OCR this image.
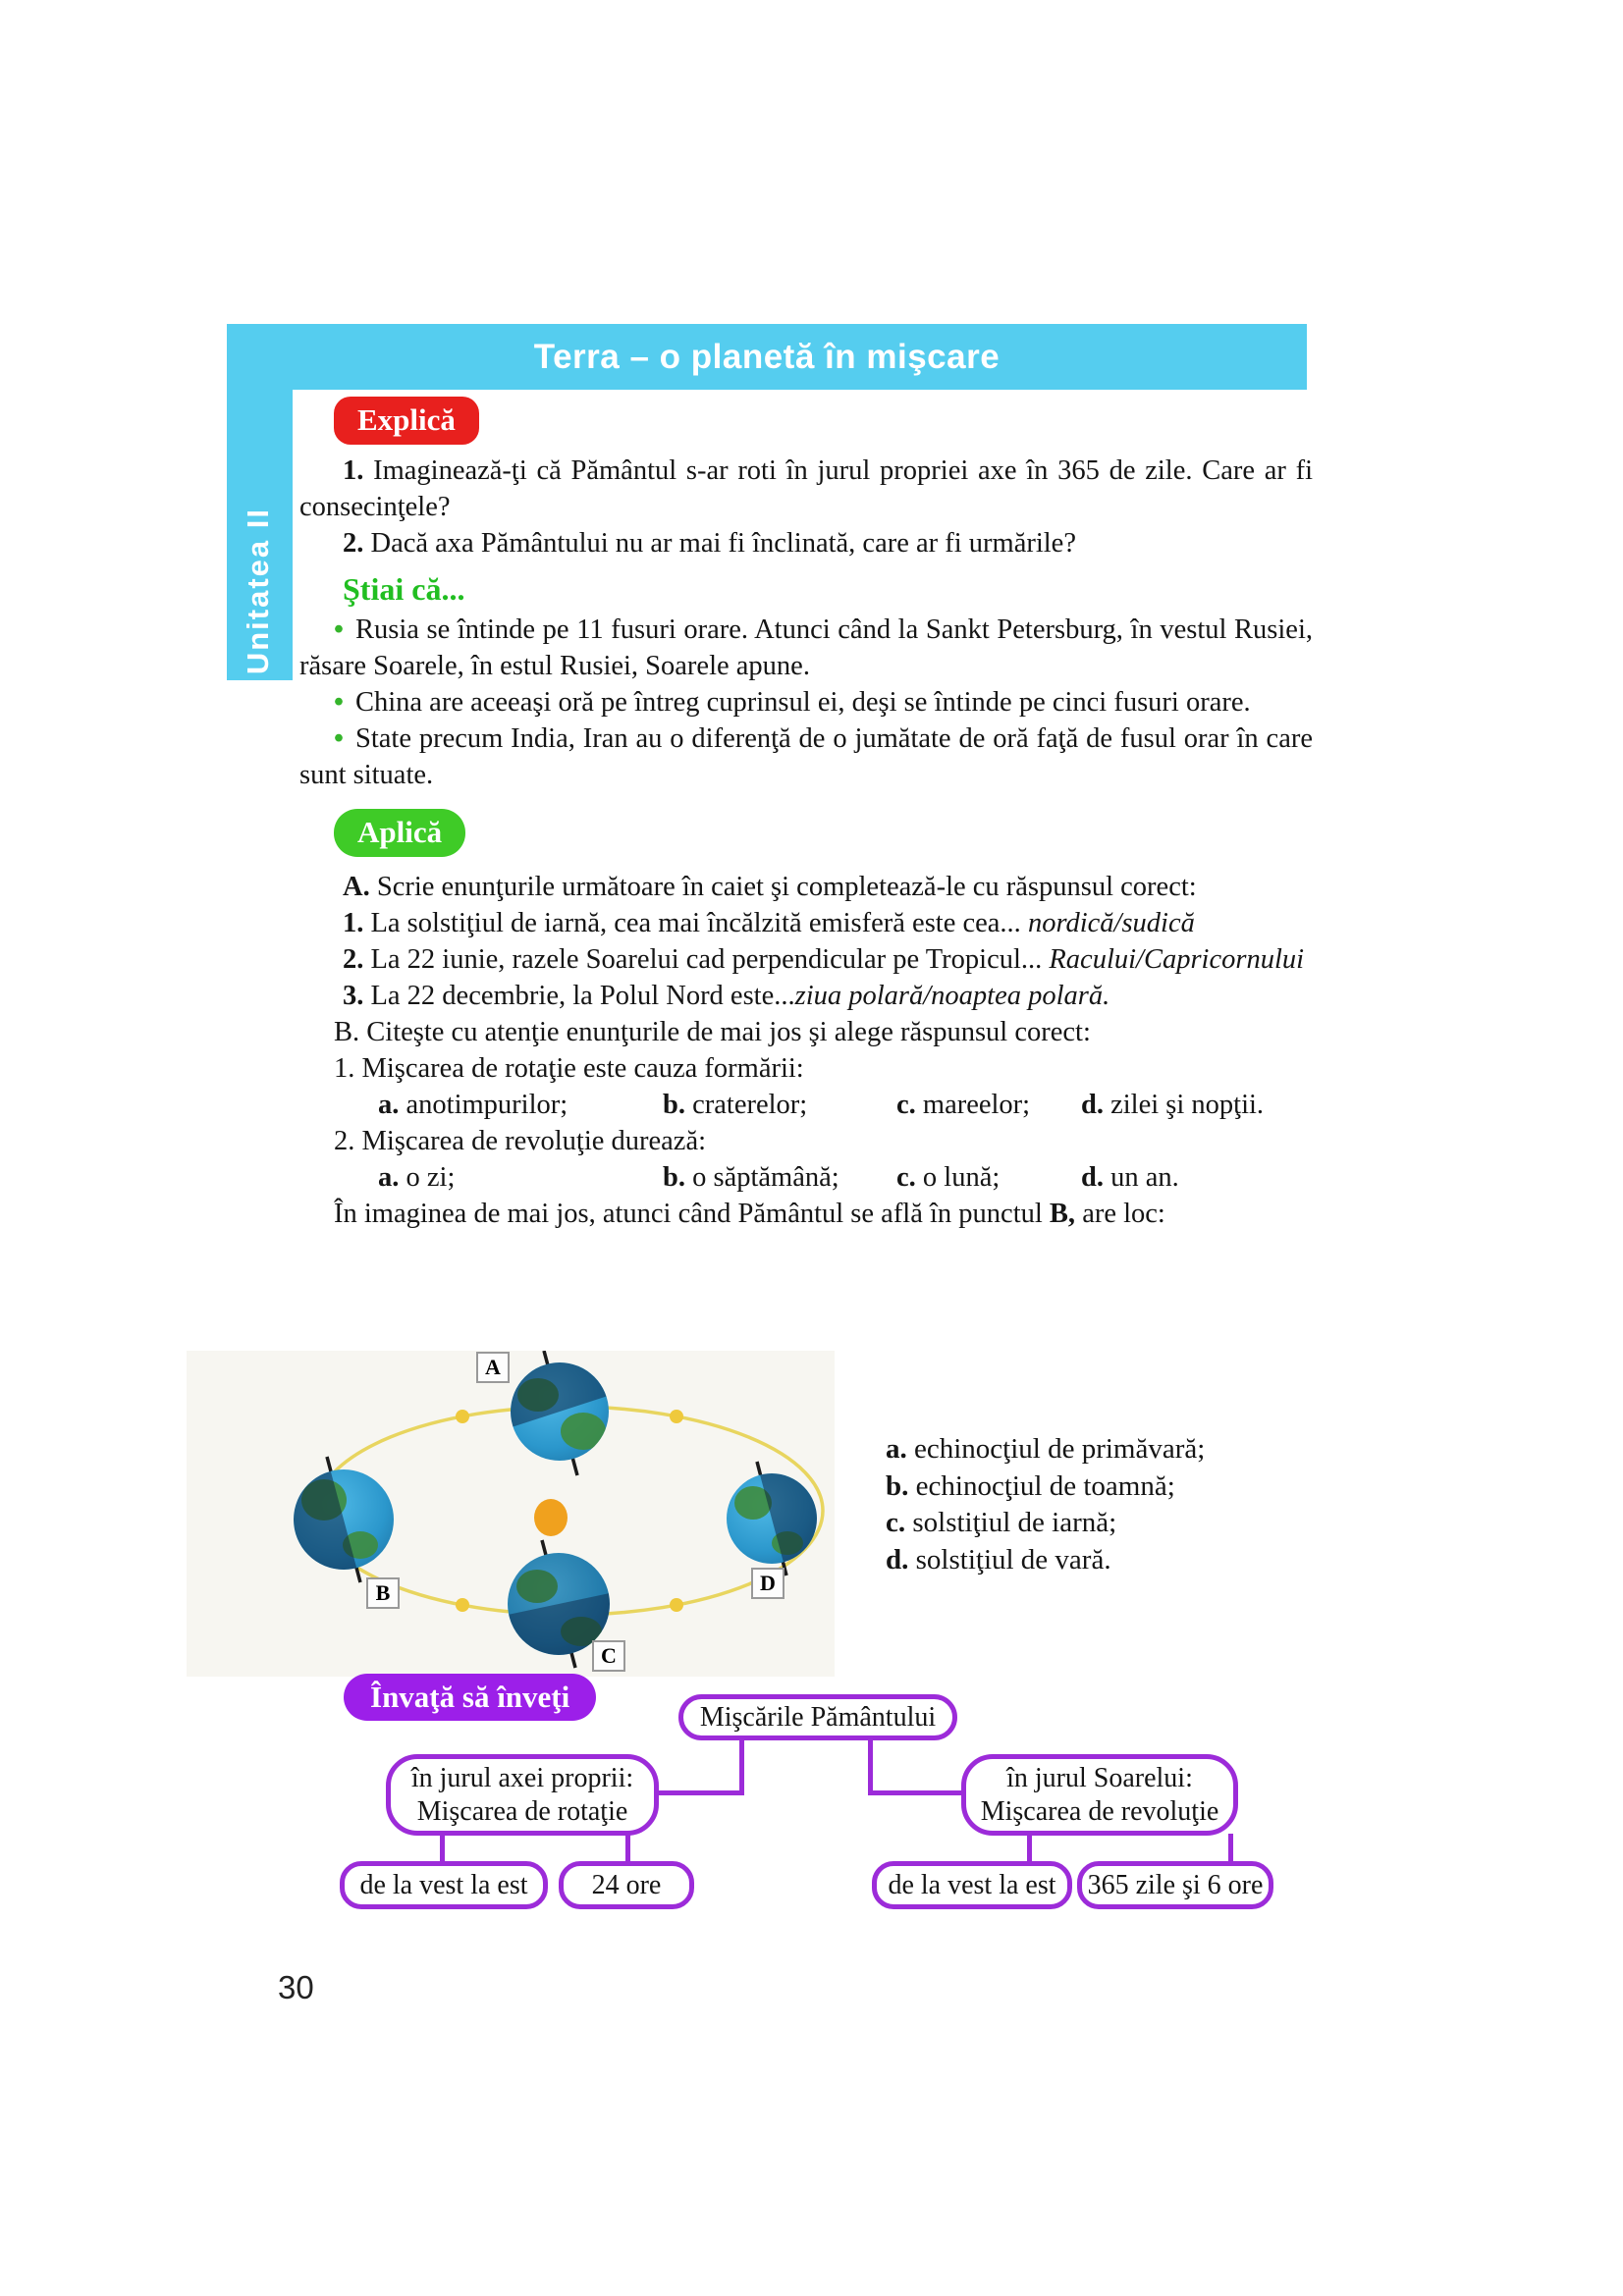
Terra – o planetă în mişcare
Unitatea II
Explică

1. Imaginează-ţi că Pământul s-ar roti în jurul propriei axe în 365 de zile. Care ar fi consecinţele?

2. Dacă axa Pământului nu ar mai fi înclinată, care ar fi urmările?

Ştiai că...

• Rusia se întinde pe 11 fusuri orare. Atunci când la Sankt Petersburg, în vestul Rusiei, răsare Soarele, în estul Rusiei, Soarele apune.

• China are aceeaşi oră pe întreg cuprinsul ei, deşi se întinde pe cinci fusuri orare.

• State precum India, Iran au o diferenţă de o jumătate de oră faţă de fusul orar în care sunt situate.

Aplică

A. Scrie enunţurile următoare în caiet şi completează-le cu răspunsul corect:

1. La solstiţiul de iarnă, cea mai încălzită emisferă este cea... nordică/sudică

2. La 22 iunie, razele Soarelui cad perpendicular pe Tropicul... Racului/Capricornului

3. La 22 decembrie, la Polul Nord este...ziua polară/noaptea polară.

B. Citeşte cu atenţie enunţurile de mai jos şi alege răspunsul corect:

1. Mişcarea de rotaţie este cauza formării:

a. anotimpurilor;	b. craterelor;	c. mareelor;	d. zilei şi nopţii.

2. Mişcarea de revoluţie durează:

a. o zi;	b. o săptămână;	c. o lună;	d. un an.

În imaginea de mai jos, atunci când Pământul se află în punctul B, are loc:

A
B
C
D
a. echinocţiul de primăvară;
b. echinocţiul de toamnă;
c. solstiţiul de iarnă;
d. solstiţiul de vară.
Învaţă să înveţi
Mişcările Pământului
în jurul axei proprii:
Mişcarea de rotaţie
în jurul Soarelui:
Mişcarea de revoluţie
de la vest la est	24 ore	de la vest la est	365 zile şi 6 ore
30
